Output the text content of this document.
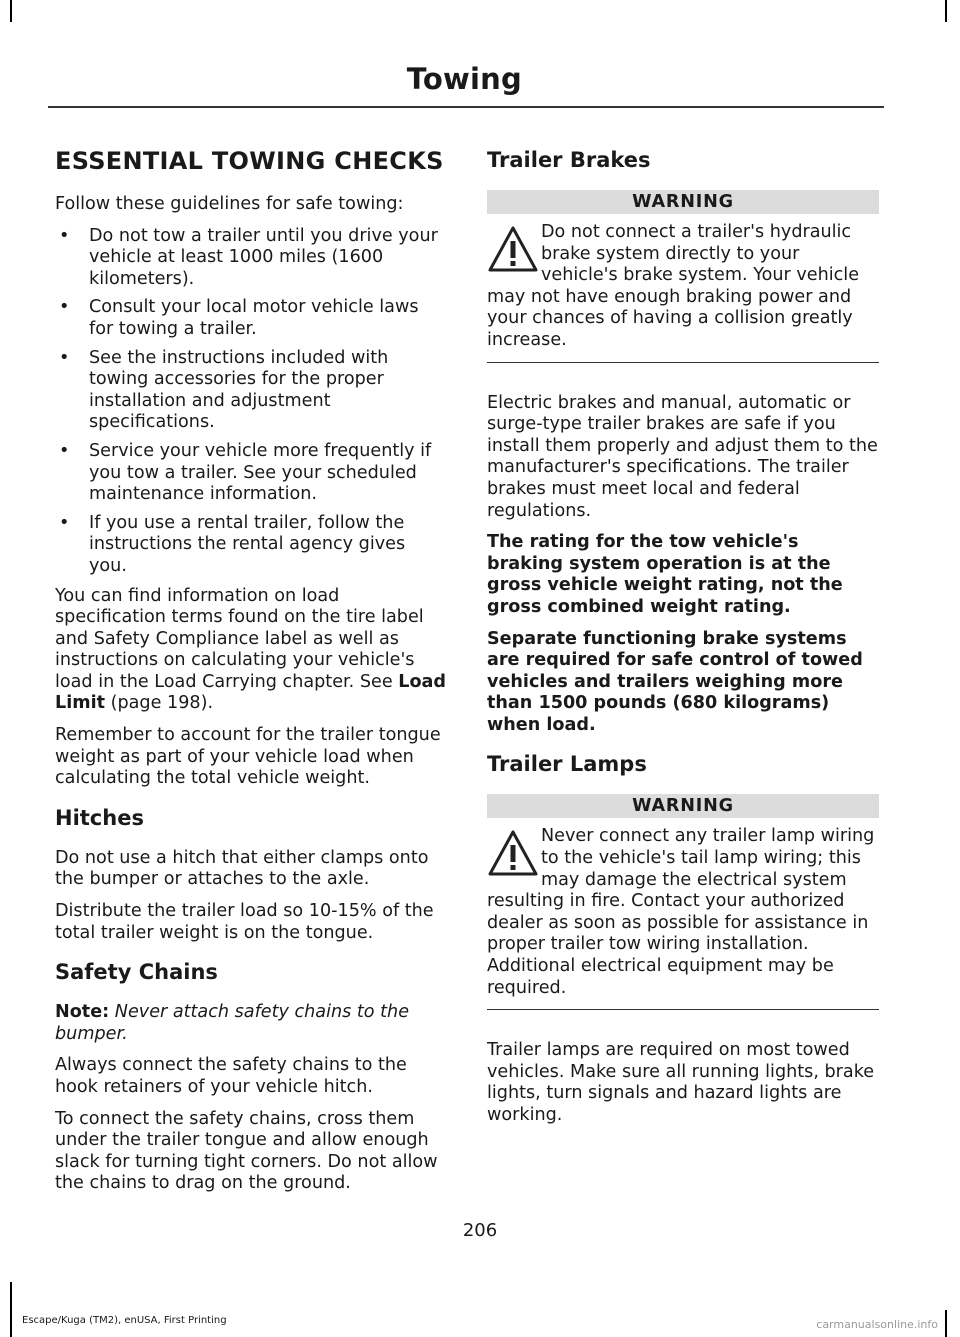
Towing
ESSENTIAL TOWING CHECKS

Follow these guidelines for safe towing:

• Do not tow a trailer until you drive your vehicle at least 1000 miles (1600 kilometers).
• Consult your local motor vehicle laws for towing a trailer.
• See the instructions included with towing accessories for the proper installation and adjustment specifications.
• Service your vehicle more frequently if you tow a trailer. See your scheduled maintenance information.
• If you use a rental trailer, follow the instructions the rental agency gives you.

You can find information on load specification terms found on the tire label and Safety Compliance label as well as instructions on calculating your vehicle's load in the Load Carrying chapter. See Load Limit (page 198).

Remember to account for the trailer tongue weight as part of your vehicle load when calculating the total vehicle weight.

Hitches

Do not use a hitch that either clamps onto the bumper or attaches to the axle.

Distribute the trailer load so 10-15% of the total trailer weight is on the tongue.

Safety Chains

Note: Never attach safety chains to the bumper.

Always connect the safety chains to the hook retainers of your vehicle hitch.

To connect the safety chains, cross them under the trailer tongue and allow enough slack for turning tight corners. Do not allow the chains to drag on the ground.

Trailer Brakes
WARNING
Do not connect a trailer's hydraulic brake system directly to your vehicle's brake system. Your vehicle may not have enough braking power and your chances of having a collision greatly increase.

Electric brakes and manual, automatic or surge-type trailer brakes are safe if you install them properly and adjust them to the manufacturer's specifications. The trailer brakes must meet local and federal regulations.

The rating for the tow vehicle's braking system operation is at the gross vehicle weight rating, not the gross combined weight rating.

Separate functioning brake systems are required for safe control of towed vehicles and trailers weighing more than 1500 pounds (680 kilograms) when load.

Trailer Lamps
WARNING
Never connect any trailer lamp wiring to the vehicle's tail lamp wiring; this may damage the electrical system resulting in fire. Contact your authorized dealer as soon as possible for assistance in proper trailer tow wiring installation. Additional electrical equipment may be required.

Trailer lamps are required on most towed vehicles. Make sure all running lights, brake lights, turn signals and hazard lights are working.

206
Escape/Kuga (TM2), enUSA, First Printing	carmanualsonline.info
